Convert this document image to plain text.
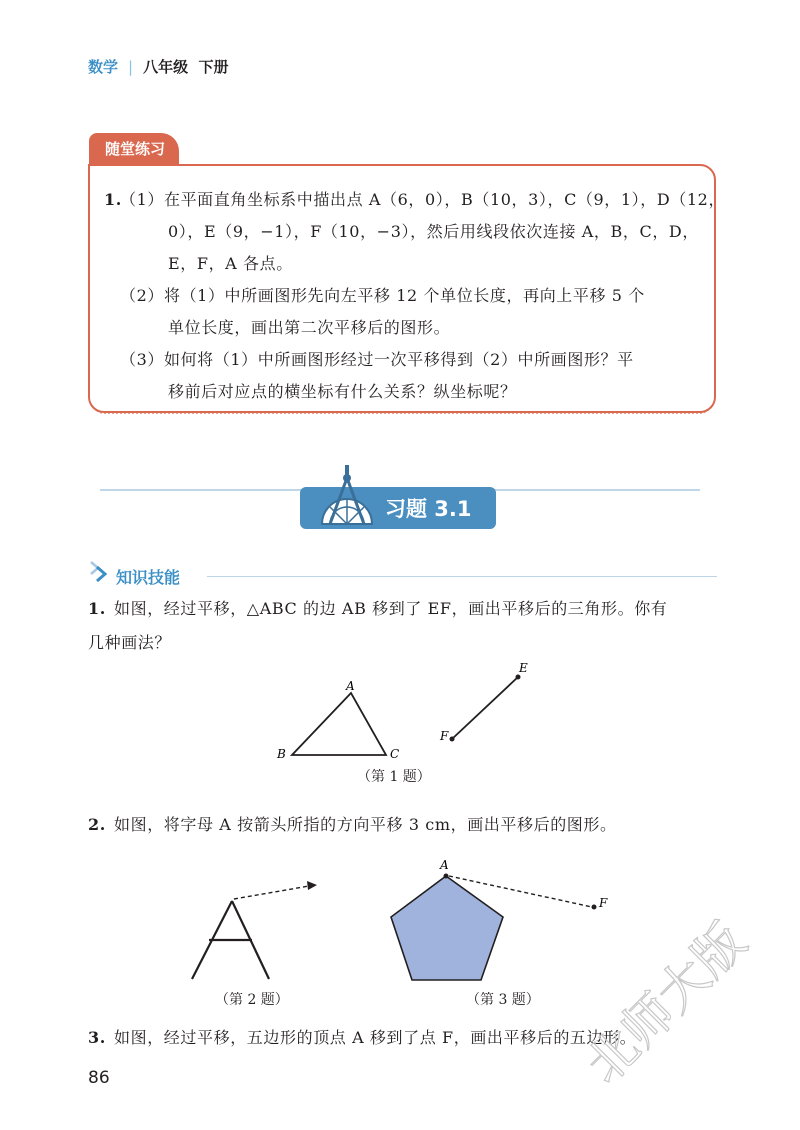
数学 | 八年级 下册
随堂练习
1.
（1）在平面直角坐标系中描出点 A（6，0），B（10，3），C（9，1），D（12，
0），E（9，−1），F（10，−3），然后用线段依次连接 A，B，C，D，
E，F，A 各点。
（2）将（1）中所画图形先向左平移 12 个单位长度，再向上平移 5 个
单位长度，画出第二次平移后的图形。
（3）如何将（1）中所画图形经过一次平移得到（2）中所画图形？平
移前后对应点的横坐标有什么关系？纵坐标呢？
习题 3.1
知识技能
1. 如图，经过平移，△ABC 的边 AB 移到了 EF，画出平移后的三角形。你有
几种画法？
A
B	C
E
F
（第 1 题）
2. 如图，将字母 A 按箭头所指的方向平移 3 cm，画出平移后的图形。
（第 2 题）
A
F
（第 3 题）
3. 如图，经过平移，五边形的顶点 A 移到了点 F，画出平移后的五边形。
86	北师大版
